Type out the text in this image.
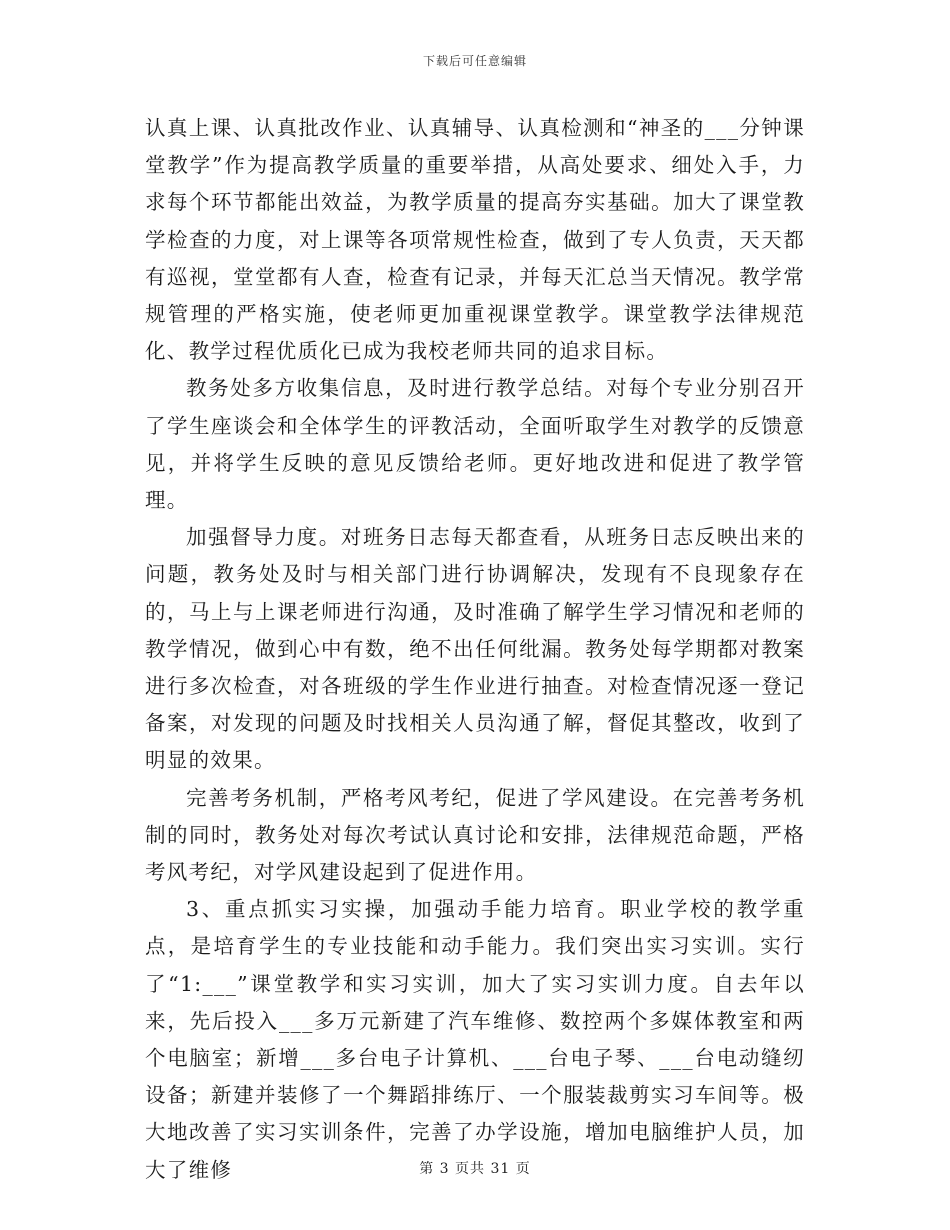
下载后可任意编辑

认真上课、认真批改作业、认真辅导、认真检测和“神圣的___分钟课堂教学”作为提高教学质量的重要举措，从高处要求、细处入手，力求每个环节都能出效益，为教学质量的提高夯实基础。加大了课堂教学检查的力度，对上课等各项常规性检查，做到了专人负责，天天都有巡视，堂堂都有人查，检查有记录，并每天汇总当天情况。教学常规管理的严格实施，使老师更加重视课堂教学。课堂教学法律规范化、教学过程优质化已成为我校老师共同的追求目标。

教务处多方收集信息，及时进行教学总结。对每个专业分别召开了学生座谈会和全体学生的评教活动，全面听取学生对教学的反馈意见，并将学生反映的意见反馈给老师。更好地改进和促进了教学管理。

加强督导力度。对班务日志每天都查看，从班务日志反映出来的问题，教务处及时与相关部门进行协调解决，发现有不良现象存在的，马上与上课老师进行沟通，及时准确了解学生学习情况和老师的教学情况，做到心中有数，绝不出任何纰漏。教务处每学期都对教案进行多次检查，对各班级的学生作业进行抽查。对检查情况逐一登记备案，对发现的问题及时找相关人员沟通了解，督促其整改，收到了明显的效果。

完善考务机制，严格考风考纪，促进了学风建设。在完善考务机制的同时，教务处对每次考试认真讨论和安排，法律规范命题，严格考风考纪，对学风建设起到了促进作用。

3、重点抓实习实操，加强动手能力培育。职业学校的教学重点，是培育学生的专业技能和动手能力。我们突出实习实训。实行了“1:___”课堂教学和实习实训，加大了实习实训力度。自去年以来，先后投入___多万元新建了汽车维修、数控两个多媒体教室和两个电脑室；新增___多台电子计算机、___台电子琴、___台电动缝纫设备；新建并装修了一个舞蹈排练厅、一个服装裁剪实习车间等。极大地改善了实习实训条件，完善了办学设施，增加电脑维护人员，加大了维修	第 3 页共 31 页
